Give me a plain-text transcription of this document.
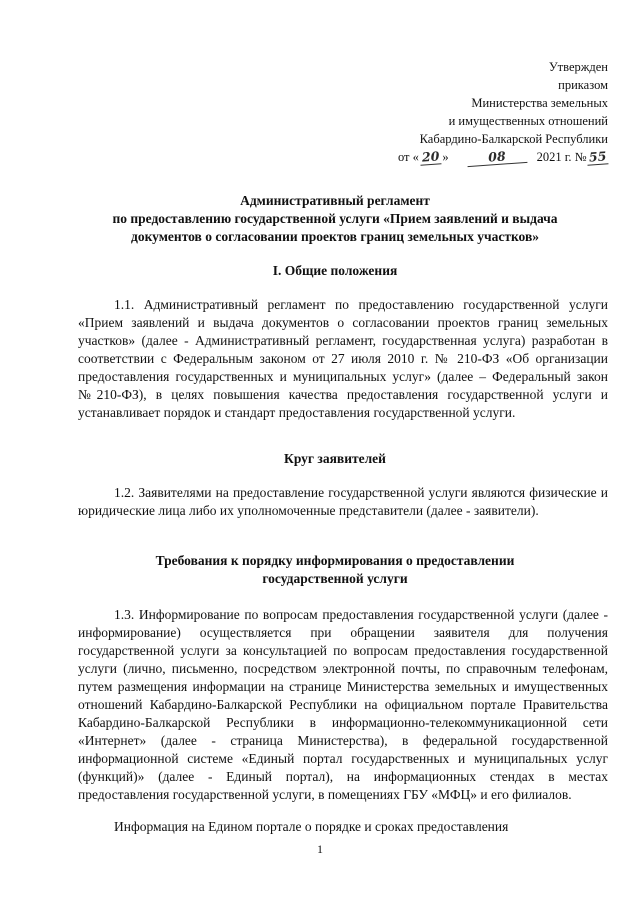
Утвержден
приказом
Министерства земельных
и имущественных отношений
Кабардино-Балкарской Республики
от « 20 »	08 2021 г. №55
Административный регламент
по предоставлению государственной услуги «Прием заявлений и выдача
документов о согласовании проектов границ земельных участков»
I. Общие положения

1.1. Административный регламент по предоставлению государственной услуги «Прием заявлений и выдача документов о согласовании проектов границ земельных участков» (далее - Административный регламент, государственная услуга) разработан в соответствии с Федеральным законом от 27 июля 2010 г. № 210-ФЗ «Об организации предоставления государственных и муниципальных услуг» (далее – Федеральный закон №210-ФЗ), в целях повышения качества предоставления государственной услуги и устанавливает порядок и стандарт предоставления государственной услуги.

Круг заявителей

1.2. Заявителями на предоставление государственной услуги являются физические и юридические лица либо их уполномоченные представители (далее - заявители).

Требования к порядку информирования о предоставлении
государственной услуги

1.3. Информирование по вопросам предоставления государственной услуги (далее - информирование) осуществляется при обращении заявителя для получения государственной услуги за консультацией по вопросам предоставления государственной услуги (лично, письменно, посредством электронной почты, по справочным телефонам, путем размещения информации на странице Министерства земельных и имущественных отношений Кабардино-Балкарской Республики на официальном портале Правительства Кабардино-Балкарской Республики в информационно-телекоммуникационной сети «Интернет» (далее - страница Министерства), в федеральной государственной информационной системе «Единый портал государственных и муниципальных услуг (функций)» (далее - Единый портал), на информационных стендах в местах предоставления государственной услуги, в помещениях ГБУ «МФЦ» и его филиалов.

Информация на Едином портале о порядке и сроках предоставления

1
